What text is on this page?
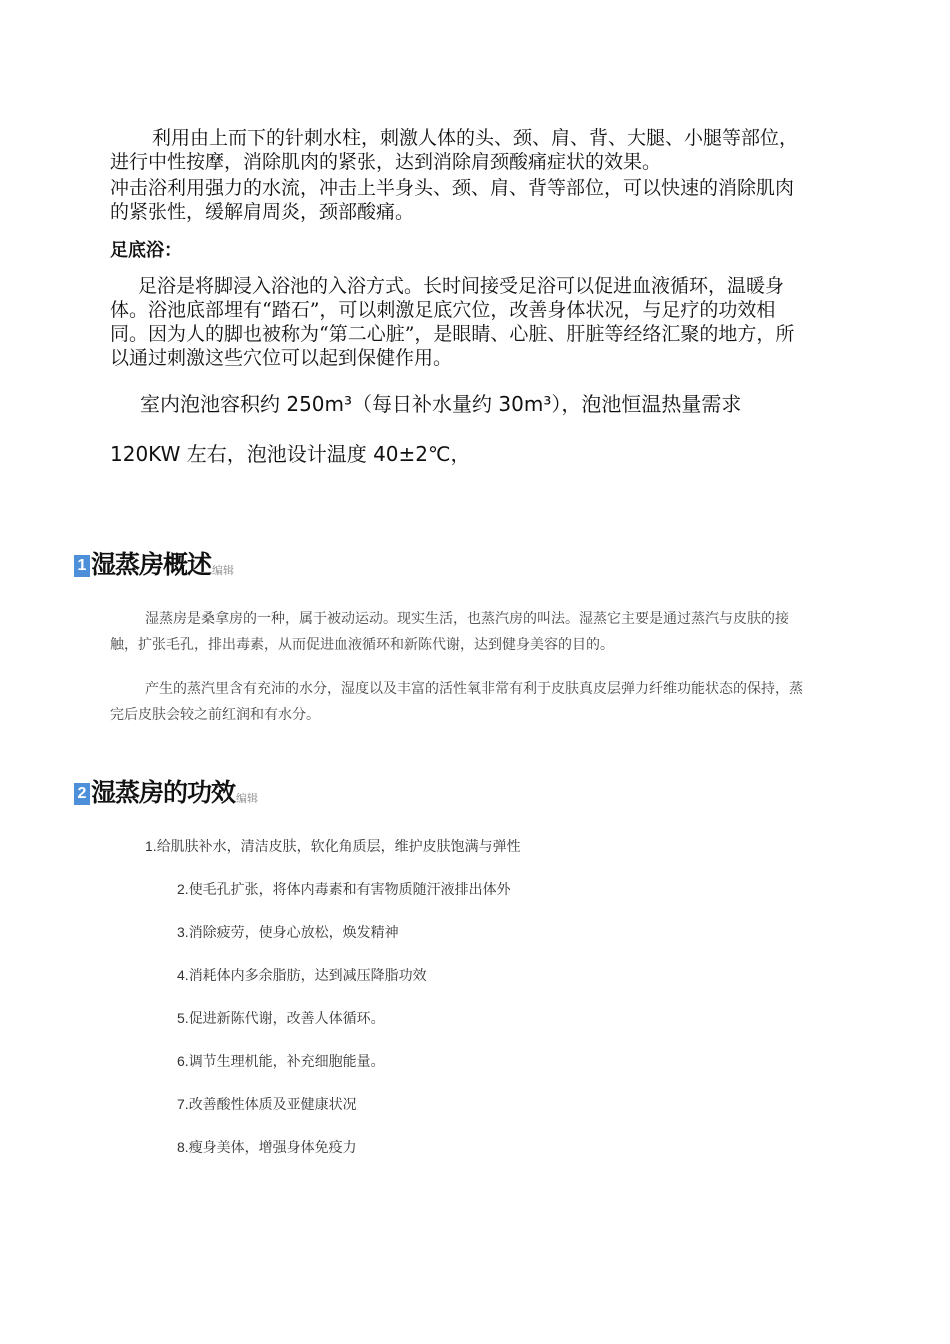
利用由上而下的针刺水柱，刺激人体的头、颈、肩、背、大腿、小腿等部位，进行中性按摩，消除肌肉的紧张，达到消除肩颈酸痛症状的效果。

冲击浴利用强力的水流，冲击上半身头、颈、肩、背等部位，可以快速的消除肌肉的紧张性，缓解肩周炎，颈部酸痛。

足底浴：

足浴是将脚浸入浴池的入浴方式。长时间接受足浴可以促进血液循环，温暖身体。浴池底部埋有“踏石”，可以刺激足底穴位，改善身体状况，与足疗的功效相同。因为人的脚也被称为“第二心脏”，是眼睛、心脏、肝脏等经络汇聚的地方，所以通过刺激这些穴位可以起到保健作用。

室内泡池容积约 250m³（每日补水量约 30m³），泡池恒温热量需求

120KW 左右，泡池设计温度 40±2℃，

1 湿蒸房概述 编辑

湿蒸房是桑拿房的一种，属于被动运动。现实生活，也蒸汽房的叫法。湿蒸它主要是通过蒸汽与皮肤的接触，扩张毛孔，排出毒素，从而促进血液循环和新陈代谢，达到健身美容的目的。

产生的蒸汽里含有充沛的水分，湿度以及丰富的活性氧非常有利于皮肤真皮层弹力纤维功能状态的保持，蒸完后皮肤会较之前红润和有水分。

2 湿蒸房的功效 编辑

1.给肌肤补水，清洁皮肤，软化角质层，维护皮肤饱满与弹性

2.使毛孔扩张，将体内毒素和有害物质随汗液排出体外

3.消除疲劳，使身心放松，焕发精神

4.消耗体内多余脂肪，达到减压降脂功效

5.促进新陈代谢，改善人体循环。

6.调节生理机能，补充细胞能量。

7.改善酸性体质及亚健康状况

8.瘦身美体，增强身体免疫力
